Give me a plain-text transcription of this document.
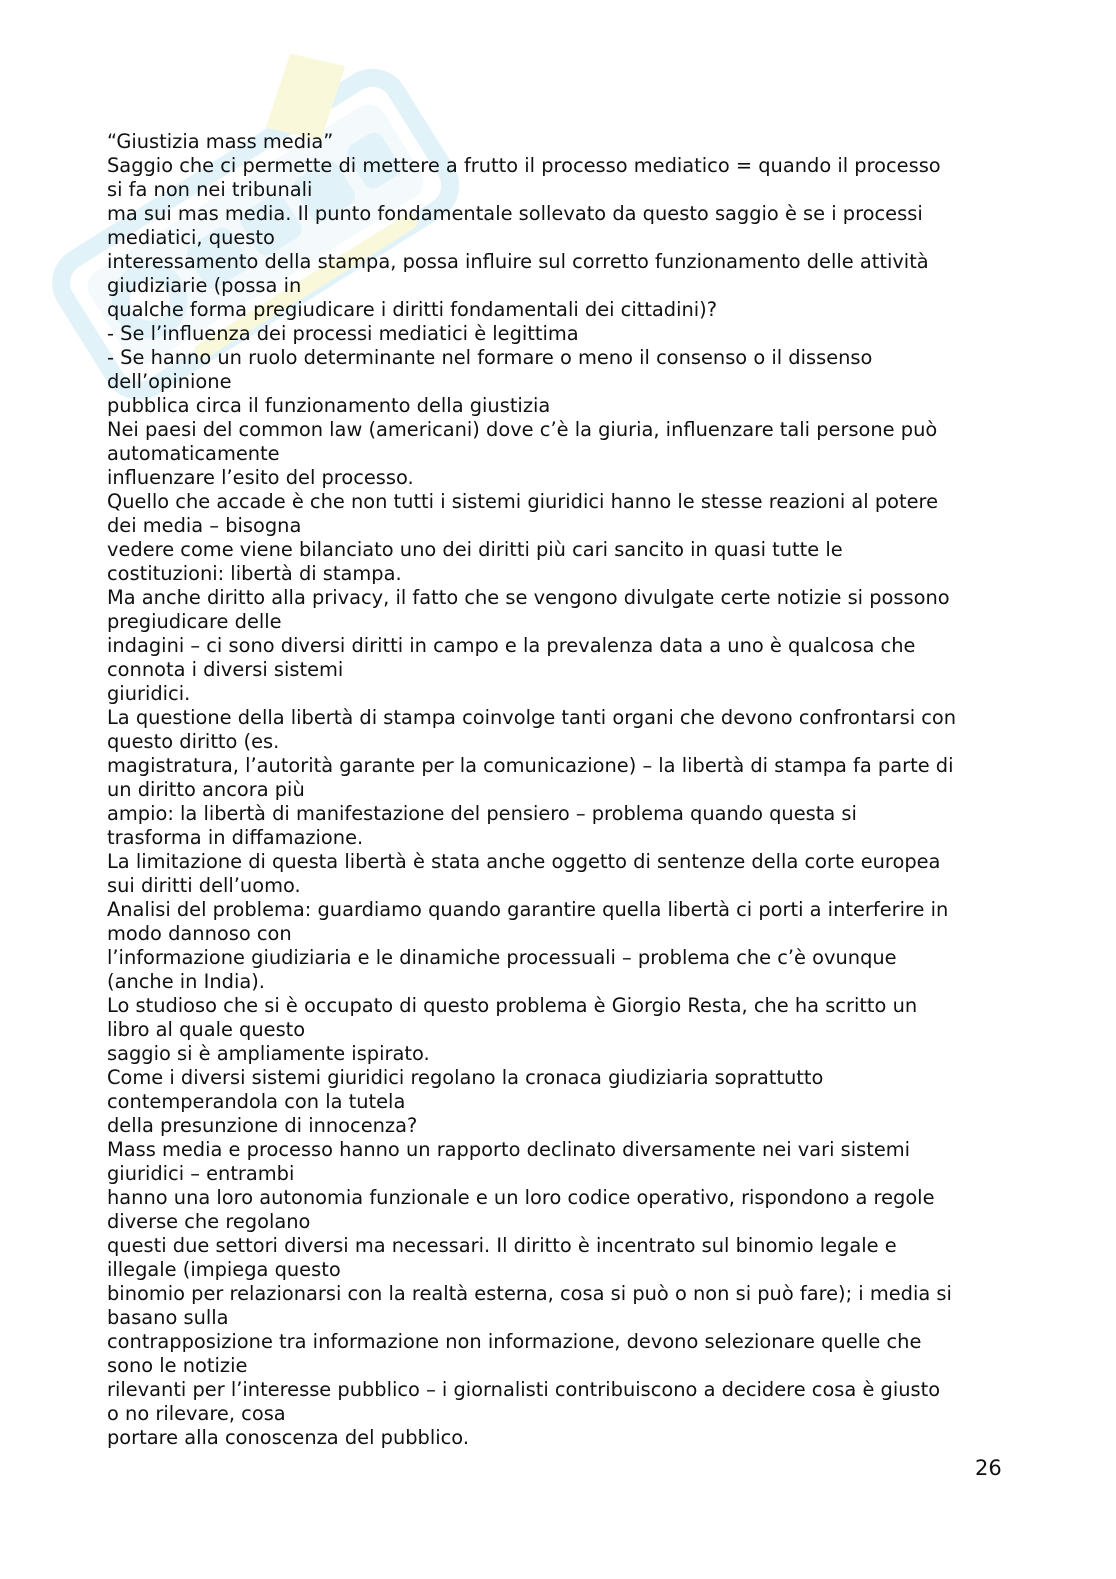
“Giustizia mass media”
Saggio che ci permette di mettere a frutto il processo mediatico = quando il processo
si fa non nei tribunali
ma sui mas media. Il punto fondamentale sollevato da questo saggio è se i processi
mediatici, questo
interessamento della stampa, possa influire sul corretto funzionamento delle attività
giudiziarie (possa in
qualche forma pregiudicare i diritti fondamentali dei cittadini)?
- Se l’influenza dei processi mediatici è legittima
- Se hanno un ruolo determinante nel formare o meno il consenso o il dissenso
dell’opinione
pubblica circa il funzionamento della giustizia
Nei paesi del common law (americani) dove c’è la giuria, influenzare tali persone può
automaticamente
influenzare l’esito del processo.
Quello che accade è che non tutti i sistemi giuridici hanno le stesse reazioni al potere
dei media – bisogna
vedere come viene bilanciato uno dei diritti più cari sancito in quasi tutte le
costituzioni: libertà di stampa.
Ma anche diritto alla privacy, il fatto che se vengono divulgate certe notizie si possono
pregiudicare delle
indagini – ci sono diversi diritti in campo e la prevalenza data a uno è qualcosa che
connota i diversi sistemi
giuridici.
La questione della libertà di stampa coinvolge tanti organi che devono confrontarsi con
questo diritto (es.
magistratura, l’autorità garante per la comunicazione) – la libertà di stampa fa parte di
un diritto ancora più
ampio: la libertà di manifestazione del pensiero – problema quando questa si
trasforma in diffamazione.
La limitazione di questa libertà è stata anche oggetto di sentenze della corte europea
sui diritti dell’uomo.
Analisi del problema: guardiamo quando garantire quella libertà ci porti a interferire in
modo dannoso con
l’informazione giudiziaria e le dinamiche processuali – problema che c’è ovunque
(anche in India).
Lo studioso che si è occupato di questo problema è Giorgio Resta, che ha scritto un
libro al quale questo
saggio si è ampliamente ispirato.
Come i diversi sistemi giuridici regolano la cronaca giudiziaria soprattutto
contemperandola con la tutela
della presunzione di innocenza?
Mass media e processo hanno un rapporto declinato diversamente nei vari sistemi
giuridici – entrambi
hanno una loro autonomia funzionale e un loro codice operativo, rispondono a regole
diverse che regolano
questi due settori diversi ma necessari. Il diritto è incentrato sul binomio legale e
illegale (impiega questo
binomio per relazionarsi con la realtà esterna, cosa si può o non si può fare); i media si
basano sulla
contrapposizione tra informazione non informazione, devono selezionare quelle che
sono le notizie
rilevanti per l’interesse pubblico – i giornalisti contribuiscono a decidere cosa è giusto
o no rilevare, cosa
portare alla conoscenza del pubblico.
26
